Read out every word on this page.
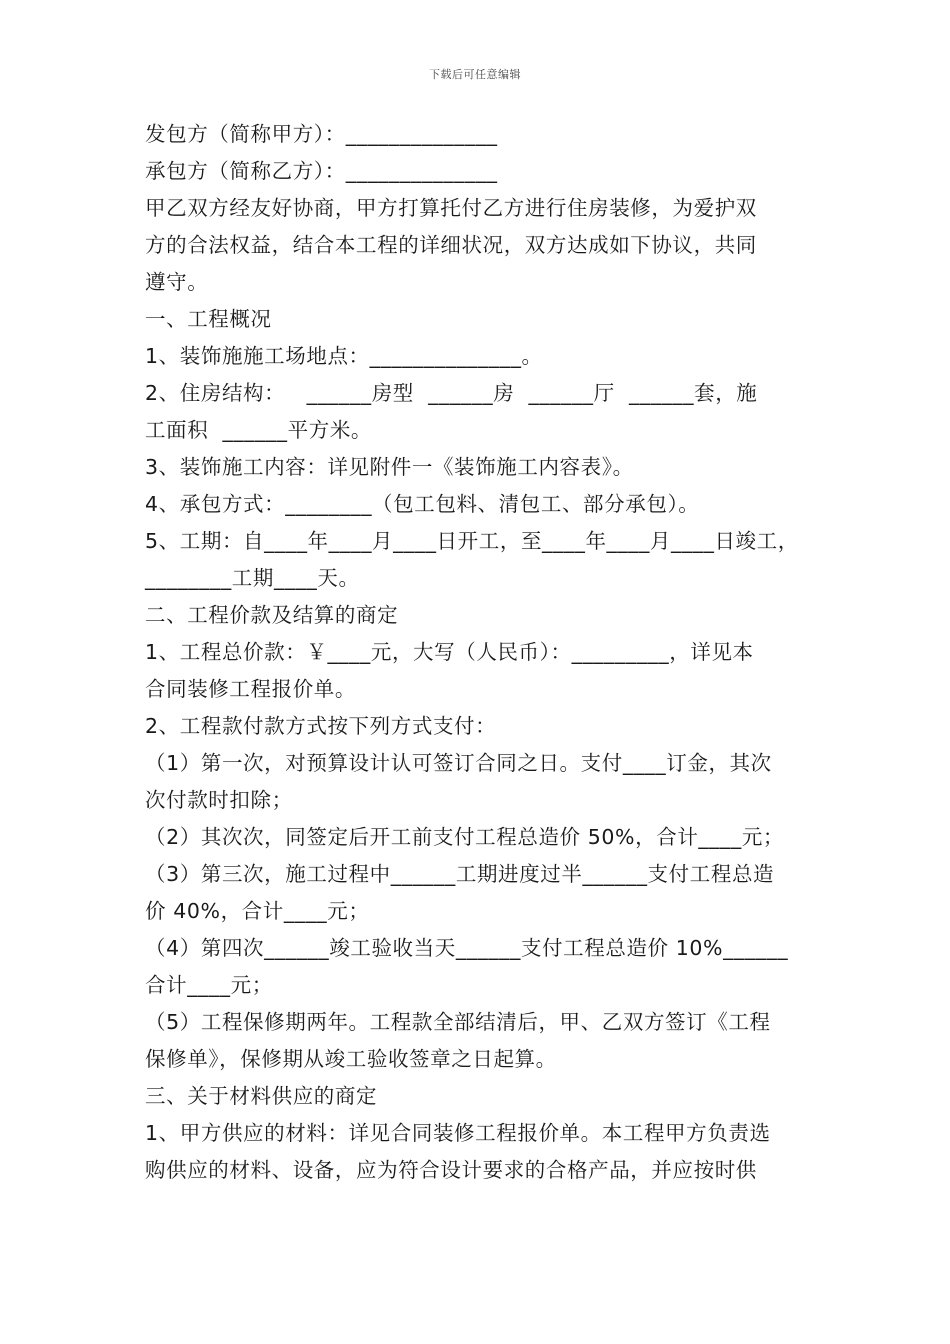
下载后可任意编辑
发包方（简称甲方）：______________
承包方（简称乙方）：______________
甲乙双方经友好协商，甲方打算托付乙方进行住房装修，为爱护双
方的合法权益，结合本工程的详细状况，双方达成如下协议，共同
遵守。
一、工程概况
1、装饰施施工场地点：______________。
2、住房结构：   ______房型  ______房  ______厅  ______套，施
工面积  ______平方米。
3、装饰施工内容：详见附件一《装饰施工内容表》。
4、承包方式：________（包工包料、清包工、部分承包）。
5、工期：自____年____月____日开工，至____年____月____日竣工，
________工期____天。
二、工程价款及结算的商定
1、工程总价款：￥____元，大写（人民币）：_________，详见本
合同装修工程报价单。
2、工程款付款方式按下列方式支付：
（1）第一次，对预算设计认可签订合同之日。支付____订金，其次
次付款时扣除；
（2）其次次，同签定后开工前支付工程总造价 50%，合计____元；
（3）第三次，施工过程中______工期进度过半______支付工程总造
价 40%，合计____元；
（4）第四次______竣工验收当天______支付工程总造价 10%______
合计____元；
（5）工程保修期两年。工程款全部结清后，甲、乙双方签订《工程
保修单》，保修期从竣工验收签章之日起算。
三、关于材料供应的商定
1、甲方供应的材料：详见合同装修工程报价单。本工程甲方负责选
购供应的材料、设备，应为符合设计要求的合格产品，并应按时供
